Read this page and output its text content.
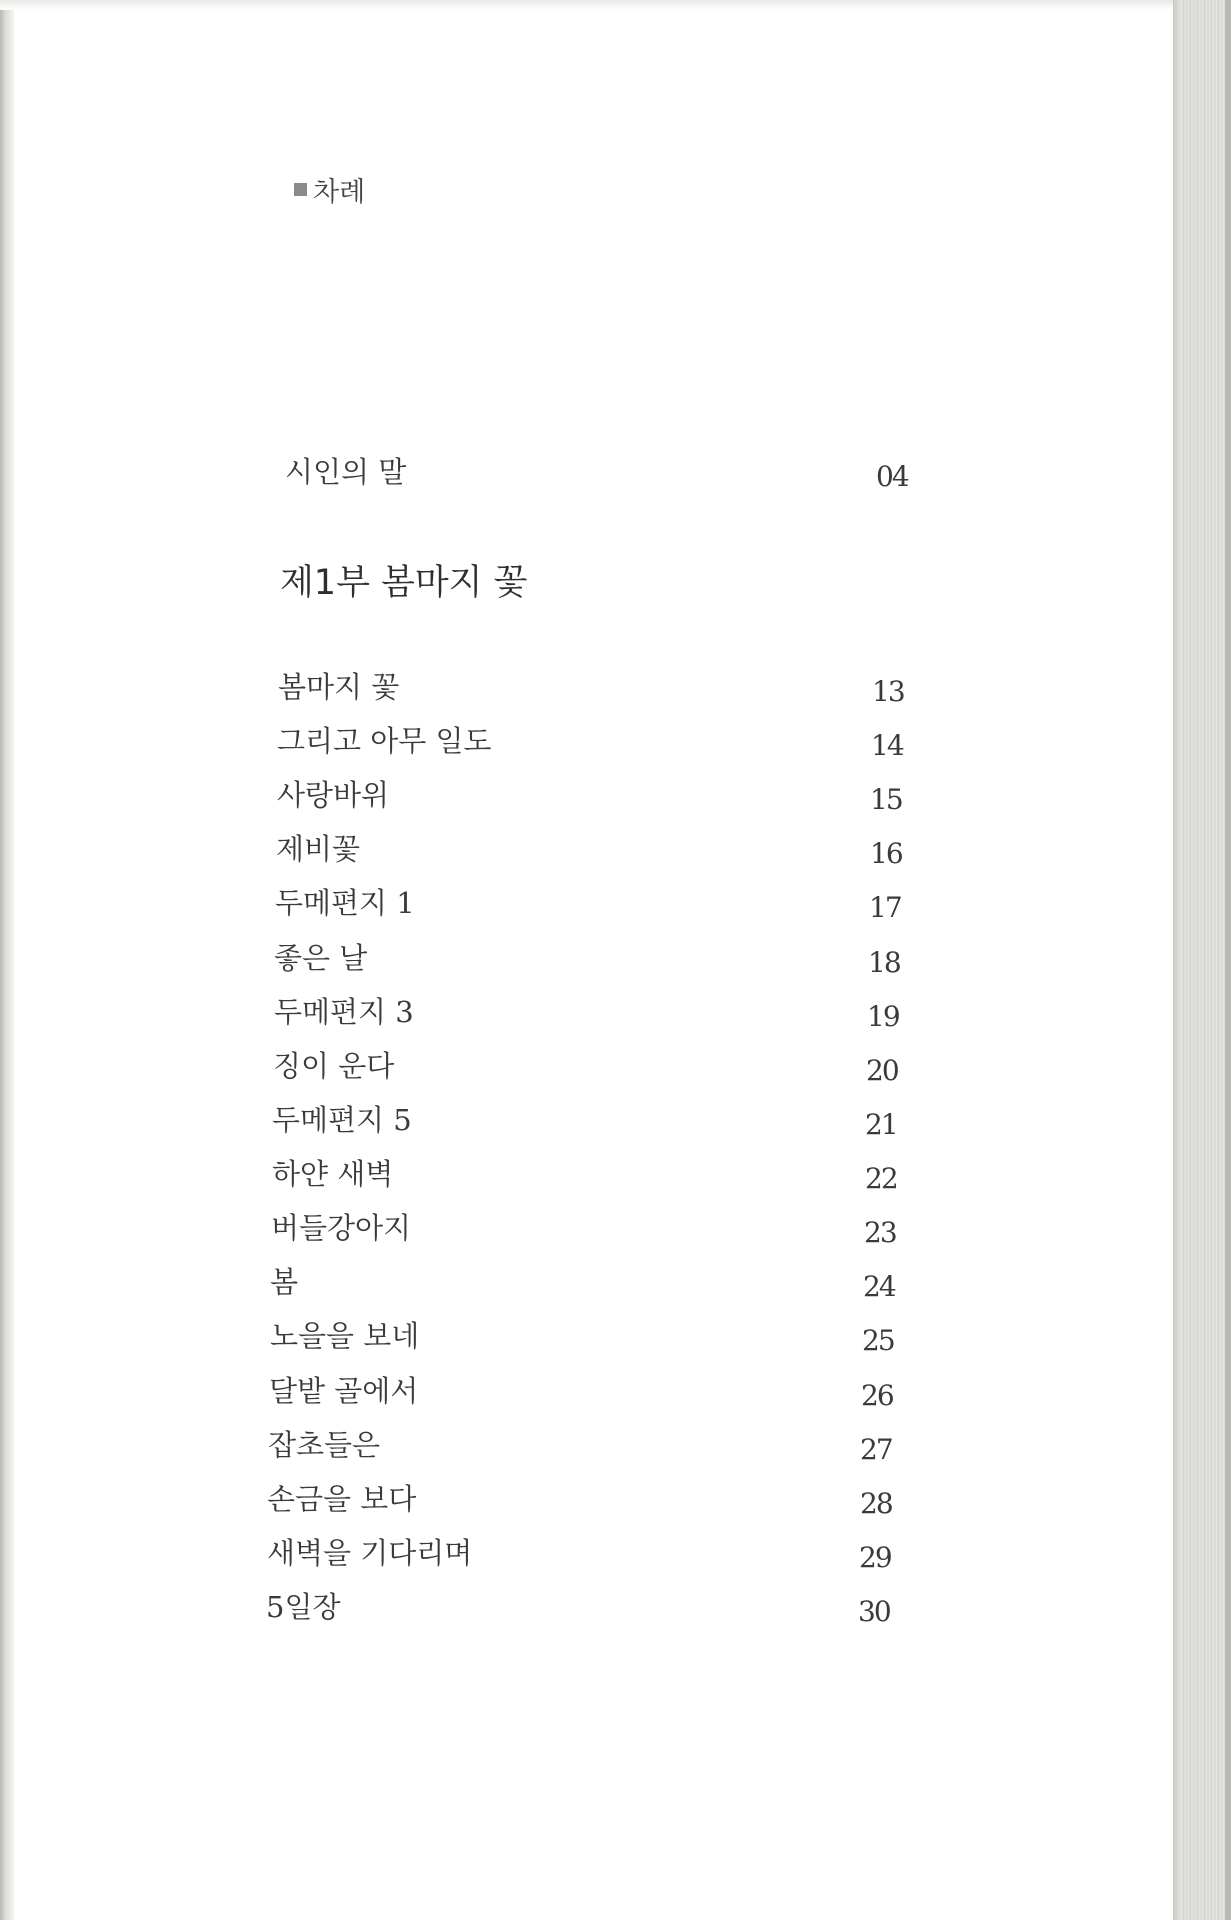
차례
시인의 말	04
제1부 봄마지 꽃
봄마지 꽃	13
그리고 아무 일도	14
사랑바위	15
제비꽃	16
두메편지 1	17
좋은 날	18
두메편지 3	19
징이 운다	20
두메편지 5	21
하얀 새벽	22
버들강아지	23
봄	24
노을을 보네	25
달밭 골에서	26
잡초들은	27
손금을 보다	28
새벽을 기다리며	29
5일장	30
